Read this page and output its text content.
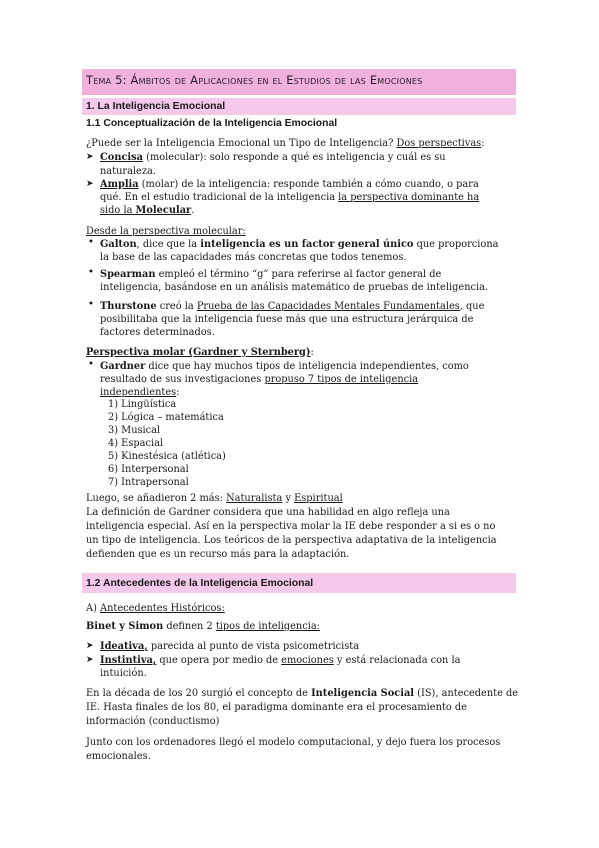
Tema 5: Ámbitos de Aplicaciones en el Estudios de las Emociones
1. La Inteligencia Emocional
1.1 Conceptualización de la Inteligencia Emocional
¿Puede ser la Inteligencia Emocional un Tipo de Inteligencia? Dos perspectivas:
➤ Concisa (molecular): solo responde a qué es inteligencia y cuál es su
naturaleza.
➤ Amplia (molar) de la inteligencia: responde también a cómo cuando, o para
qué. En el estudio tradicional de la inteligencia la perspectiva dominante ha
sido la Molecular.
Desde la perspectiva molecular:
• Galton, dice que la inteligencia es un factor general único que proporciona
la base de las capacidades más concretas que todos tenemos.
• Spearman empleó el término “g” para referirse al factor general de
inteligencia, basándose en un análisis matemático de pruebas de inteligencia.
• Thurstone creó la Prueba de las Capacidades Mentales Fundamentales, que
posibilitaba que la inteligencia fuese más que una estructura jerárquica de
factores determinados.
Perspectiva molar (Gardner y Sternberg):
• Gardner dice que hay muchos tipos de inteligencia independientes, como
resultado de sus investigaciones propuso 7 tipos de inteligencia
independientes:
1) Lingüística
2) Lógica – matemática
3) Musical
4) Espacial
5) Kinestésica (atlética)
6) Interpersonal
7) Intrapersonal
Luego, se añadieron 2 más: Naturalista y Espiritual
La definición de Gardner considera que una habilidad en algo refleja una
inteligencia especial. Así en la perspectiva molar la IE debe responder a si es o no
un tipo de inteligencia. Los teóricos de la perspectiva adaptativa de la inteligencia
defienden que es un recurso más para la adaptación.
1.2 Antecedentes de la Inteligencia Emocional
A) Antecedentes Históricos:
Binet y Simon definen 2 tipos de inteligencia:
➤ Ideativa, parecida al punto de vista psicometricista
➤ Instintiva, que opera por medio de emociones y está relacionada con la
intuición.
En la década de los 20 surgió el concepto de Inteligencia Social (IS), antecedente de
IE. Hasta finales de los 80, el paradigma dominante era el procesamiento de
información (conductismo)
Junto con los ordenadores llegó el modelo computacional, y dejo fuera los procesos
emocionales.
